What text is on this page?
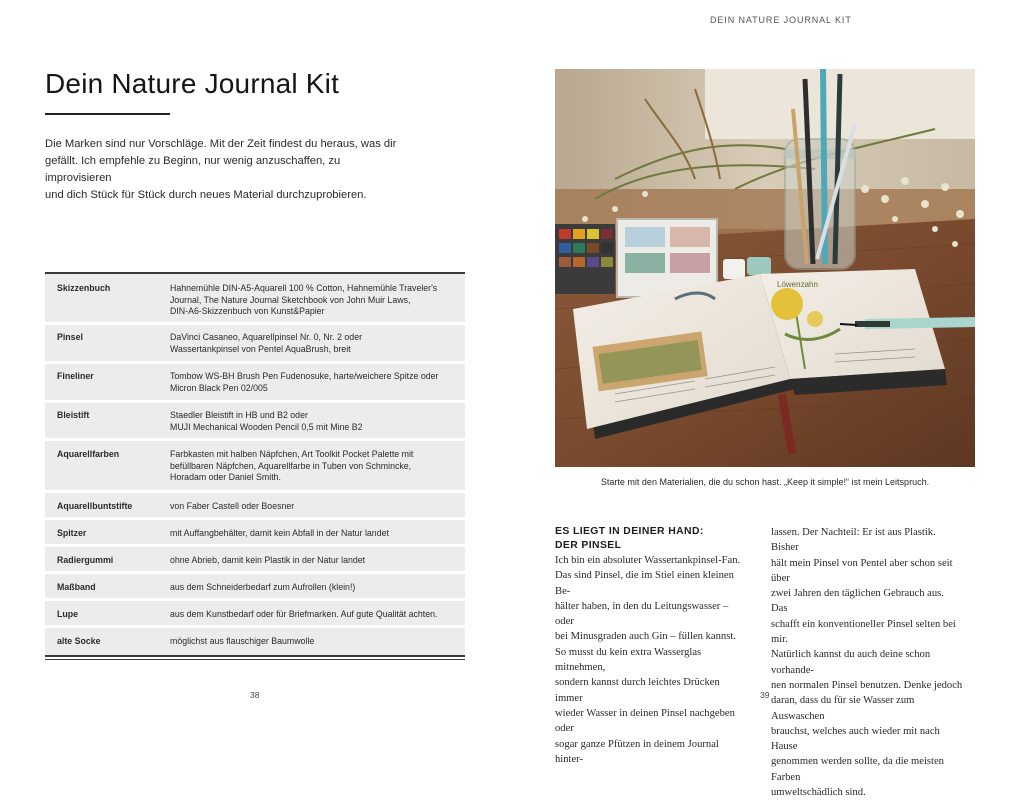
DEIN NATURE JOURNAL KIT
Dein Nature Journal Kit
Die Marken sind nur Vorschläge. Mit der Zeit findest du heraus, was dir
gefällt. Ich empfehle zu Beginn, nur wenig anzuschaffen, zu improvisieren
und dich Stück für Stück durch neues Material durchzuprobieren.
Skizzenbuch	Hahnemühle DIN-A5-Aquarell 100 % Cotton, Hahnemühle Traveler's
Journal, The Nature Journal Sketchbook von John Muir Laws,
DIN-A6-Skizzenbuch von Kunst&Papier
Pinsel	DaVinci Casaneo, Aquarellpinsel Nr. 0, Nr. 2 oder
Wassertankpinsel von Pentel AquaBrush, breit
Fineliner	Tombow WS-BH Brush Pen Fudenosuke, harte/weichere Spitze oder
Micron Black Pen 02/005
Bleistift	Staedler Bleistift in HB und B2 oder
MUJI Mechanical Wooden Pencil 0,5 mit Mine B2
Aquarellfarben	Farbkasten mit halben Näpfchen, Art Toolkit Pocket Palette mit
befüllbaren Näpfchen, Aquarellfarbe in Tuben von Schmincke,
Horadam oder Daniel Smith.
Aquarellbuntstifte	von Faber Castell oder Boesner
Spitzer	mit Auffangbehälter, damit kein Abfall in der Natur landet
Radiergummi	ohne Abrieb, damit kein Plastik in der Natur landet
Maßband	aus dem Schneiderbedarf zum Aufrollen (klein!)
Lupe	aus dem Kunstbedarf oder für Briefmarken. Auf gute Qualität achten.
alte Socke	möglichst aus flauschiger Baumwolle
Löwenzahn
Starte mit den Materialien, die du schon hast. „Keep it simple!“ ist mein Leitspruch.
ES LIEGT IN DEINER HAND:
DER PINSEL

Ich bin ein absoluter Wassertankpinsel-Fan.

Das sind Pinsel, die im Stiel einen kleinen Be-

hälter haben, in den du Leitungswasser – oder

bei Minusgraden auch Gin – füllen kannst.

So musst du kein extra Wasserglas mitnehmen,

sondern kannst durch leichtes Drücken immer

wieder Wasser in deinen Pinsel nachgeben oder

sogar ganze Pfützen in deinem Journal hinter-

lassen. Der Nachteil: Er ist aus Plastik. Bisher

hält mein Pinsel von Pentel aber schon seit über

zwei Jahren den täglichen Gebrauch aus. Das

schafft ein konventioneller Pinsel selten bei mir.

Natürlich kannst du auch deine schon vorhande-

nen normalen Pinsel benutzen. Denke jedoch

daran, dass du für sie Wasser zum Auswaschen

brauchst, welches auch wieder mit nach Hause

genommen werden sollte, da die meisten Farben

umweltschädlich sind.

38	39
